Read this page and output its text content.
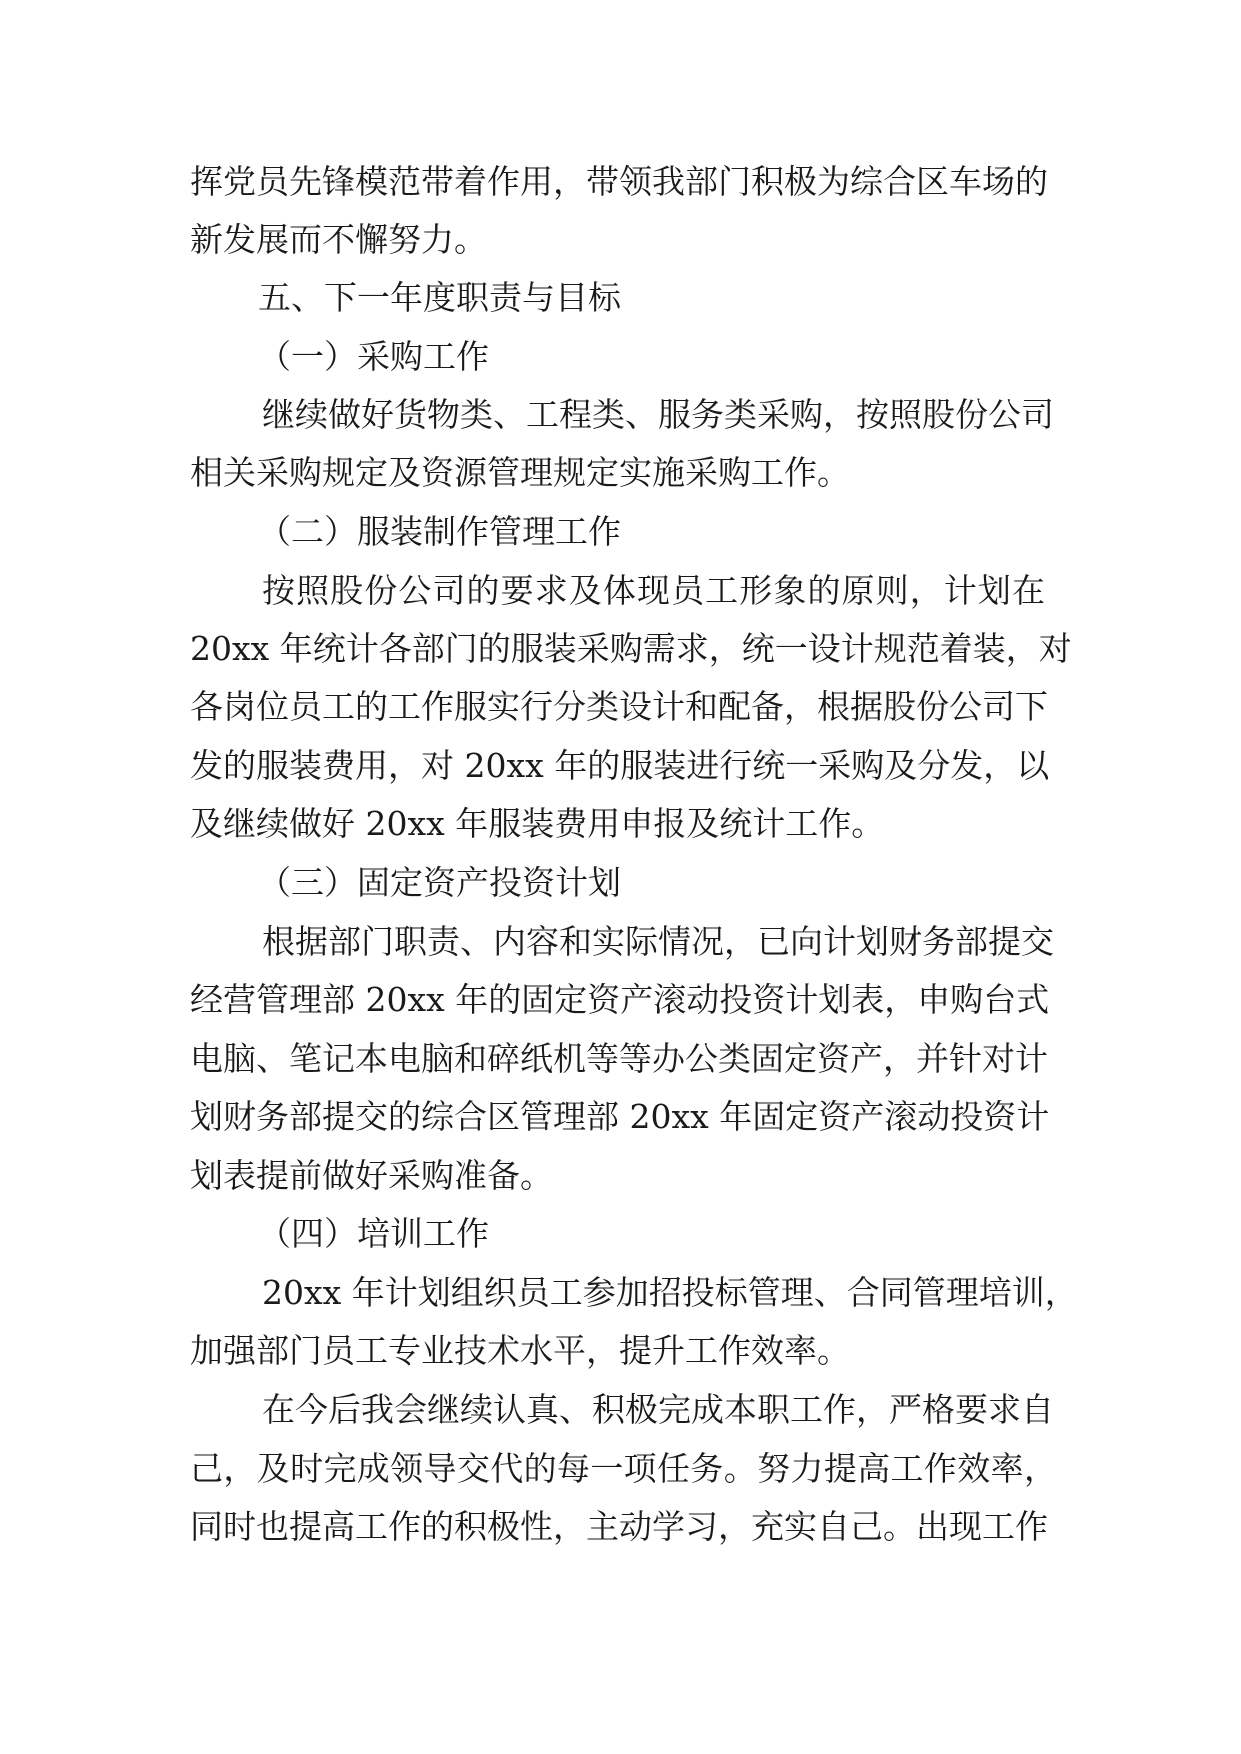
挥党员先锋模范带着作用，带领我部门积极为综合区车场的
新发展而不懈努力。
五、下一年度职责与目标
（一）采购工作
继续做好货物类、工程类、服务类采购，按照股份公司
相关采购规定及资源管理规定实施采购工作。
（二）服装制作管理工作
按照股份公司的要求及体现员工形象的原则，计划在
20xx 年统计各部门的服装采购需求，统一设计规范着装，对
各岗位员工的工作服实行分类设计和配备，根据股份公司下
发的服装费用，对 20xx 年的服装进行统一采购及分发，以
及继续做好 20xx 年服装费用申报及统计工作。
（三）固定资产投资计划
根据部门职责、内容和实际情况，已向计划财务部提交
经营管理部 20xx 年的固定资产滚动投资计划表，申购台式
电脑、笔记本电脑和碎纸机等等办公类固定资产，并针对计
划财务部提交的综合区管理部 20xx 年固定资产滚动投资计
划表提前做好采购准备。
（四）培训工作
20xx 年计划组织员工参加招投标管理、合同管理培训，
加强部门员工专业技术水平，提升工作效率。
在今后我会继续认真、积极完成本职工作，严格要求自
己，及时完成领导交代的每一项任务。努力提高工作效率，
同时也提高工作的积极性，主动学习，充实自己。出现工作
